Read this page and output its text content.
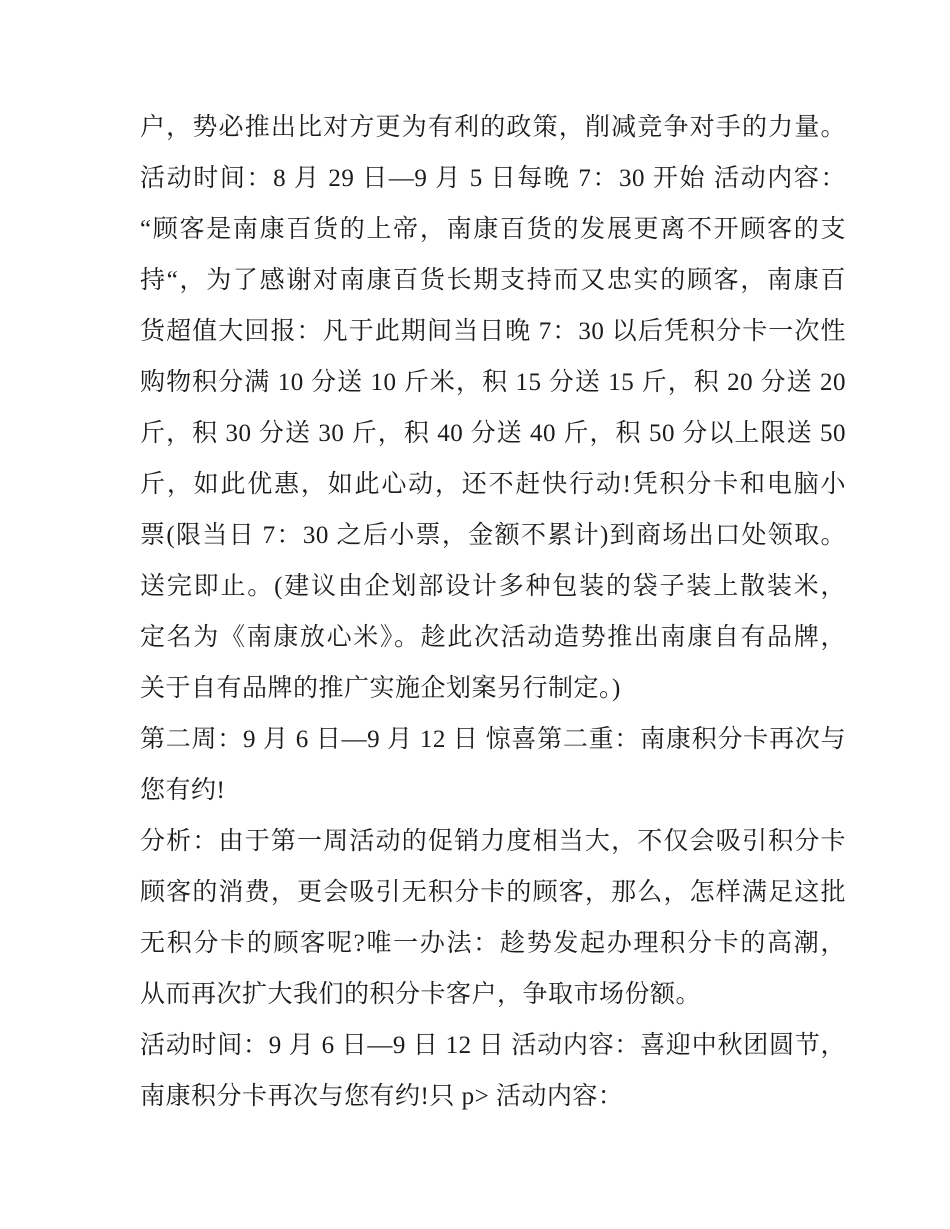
户，势必推出比对方更为有利的政策，削减竞争对手的力量。
活动时间：8 月 29 日—9 月 5 日每晚 7：30 开始 活动内容：
“顾客是南康百货的上帝，南康百货的发展更离不开顾客的支
持“，为了感谢对南康百货长期支持而又忠实的顾客，南康百
货超值大回报：凡于此期间当日晚 7：30 以后凭积分卡一次性
购物积分满 10 分送 10 斤米，积 15 分送 15 斤，积 20 分送 20
斤，积 30 分送 30 斤，积 40 分送 40 斤，积 50 分以上限送 50
斤，如此优惠，如此心动，还不赶快行动!凭积分卡和电脑小
票(限当日 7：30 之后小票，金额不累计)到商场出口处领取。
送完即止。(建议由企划部设计多种包装的袋子装上散装米，
定名为《南康放心米》。趁此次活动造势推出南康自有品牌，
关于自有品牌的推广实施企划案另行制定。)
第二周：9 月 6 日—9 月 12 日 惊喜第二重：南康积分卡再次与
您有约!
分析：由于第一周活动的促销力度相当大，不仅会吸引积分卡
顾客的消费，更会吸引无积分卡的顾客，那么，怎样满足这批
无积分卡的顾客呢?唯一办法：趁势发起办理积分卡的高潮，
从而再次扩大我们的积分卡客户，争取市场份额。
活动时间：9 月 6 日—9 日 12 日 活动内容：喜迎中秋团圆节，
南康积分卡再次与您有约!只 p> 活动内容：
